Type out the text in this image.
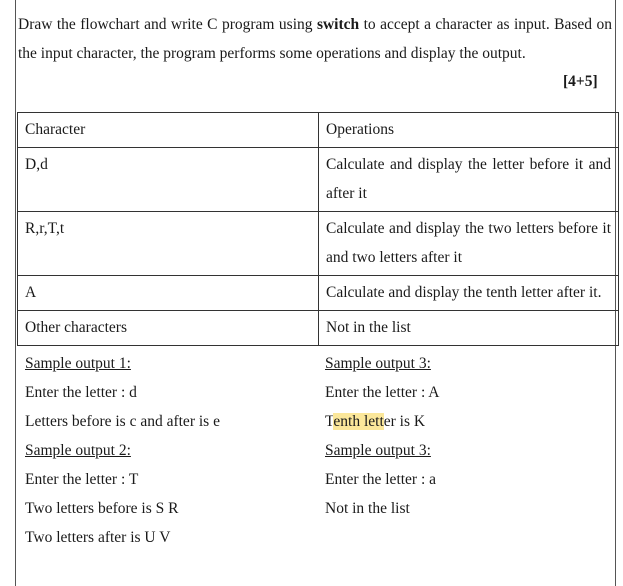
Draw the flowchart and write C program using switch to accept a character as input. Based on the input character, the program performs some operations and display the output.
[4+5]
Character	Operations
D,d	Calculate and display the letter before it and after it
R,r,T,t	Calculate and display the two letters before it and two letters after it
A	Calculate and display the tenth letter after it.
Other characters	Not in the list
Sample output 1:
Enter the letter : d
Letters before is c and after is e
Sample output 2:
Enter the letter : T
Two letters before is S R
Two letters after is U V
Sample output 3:
Enter the letter : A
Tenth letter is K
Sample output 3:
Enter the letter : a
Not in the list
